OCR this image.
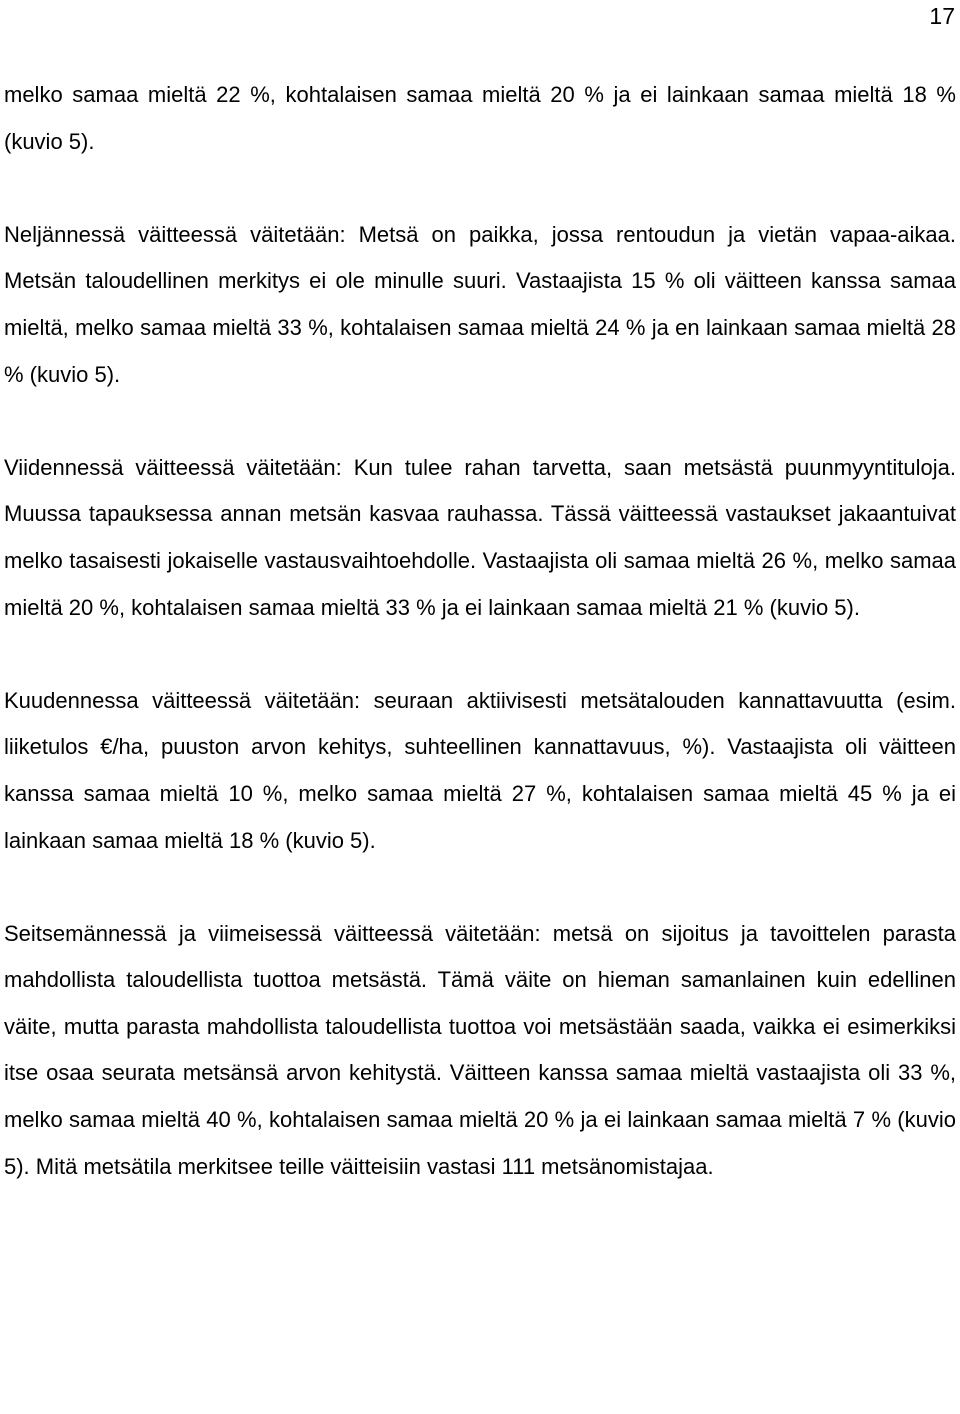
17

melko samaa mieltä 22 %, kohtalaisen samaa mieltä 20 % ja ei lainkaan samaa mieltä 18 % (kuvio 5).

Neljännessä väitteessä väitetään: Metsä on paikka, jossa rentoudun ja vietän vapaa-aikaa. Metsän taloudellinen merkitys ei ole minulle suuri. Vastaajista 15 % oli väitteen kanssa samaa mieltä, melko samaa mieltä 33 %, kohtalaisen samaa mieltä 24 % ja en lainkaan samaa mieltä 28 % (kuvio 5).

Viidennessä väitteessä väitetään: Kun tulee rahan tarvetta, saan metsästä puunmyyntituloja. Muussa tapauksessa annan metsän kasvaa rauhassa. Tässä väitteessä vastaukset jakaantuivat melko tasaisesti jokaiselle vastausvaihtoehdolle. Vastaajista oli samaa mieltä 26 %, melko samaa mieltä 20 %, kohtalaisen samaa mieltä 33 % ja ei lainkaan samaa mieltä 21 % (kuvio 5).

Kuudennessa väitteessä väitetään: seuraan aktiivisesti metsätalouden kannattavuutta (esim. liiketulos €/ha, puuston arvon kehitys, suhteellinen kannattavuus, %). Vastaajista oli väitteen kanssa samaa mieltä 10 %, melko samaa mieltä 27 %, kohtalaisen samaa mieltä 45 % ja ei lainkaan samaa mieltä 18 % (kuvio 5).

Seitsemännessä ja viimeisessä väitteessä väitetään: metsä on sijoitus ja tavoittelen parasta mahdollista taloudellista tuottoa metsästä. Tämä väite on hieman samanlainen kuin edellinen väite, mutta parasta mahdollista taloudellista tuottoa voi metsästään saada, vaikka ei esimerkiksi itse osaa seurata metsänsä arvon kehitystä. Väitteen kanssa samaa mieltä vastaajista oli 33 %, melko samaa mieltä 40 %, kohtalaisen samaa mieltä 20 % ja ei lainkaan samaa mieltä 7 % (kuvio 5). Mitä metsätila merkitsee teille väitteisiin vastasi 111 metsänomistajaa.
